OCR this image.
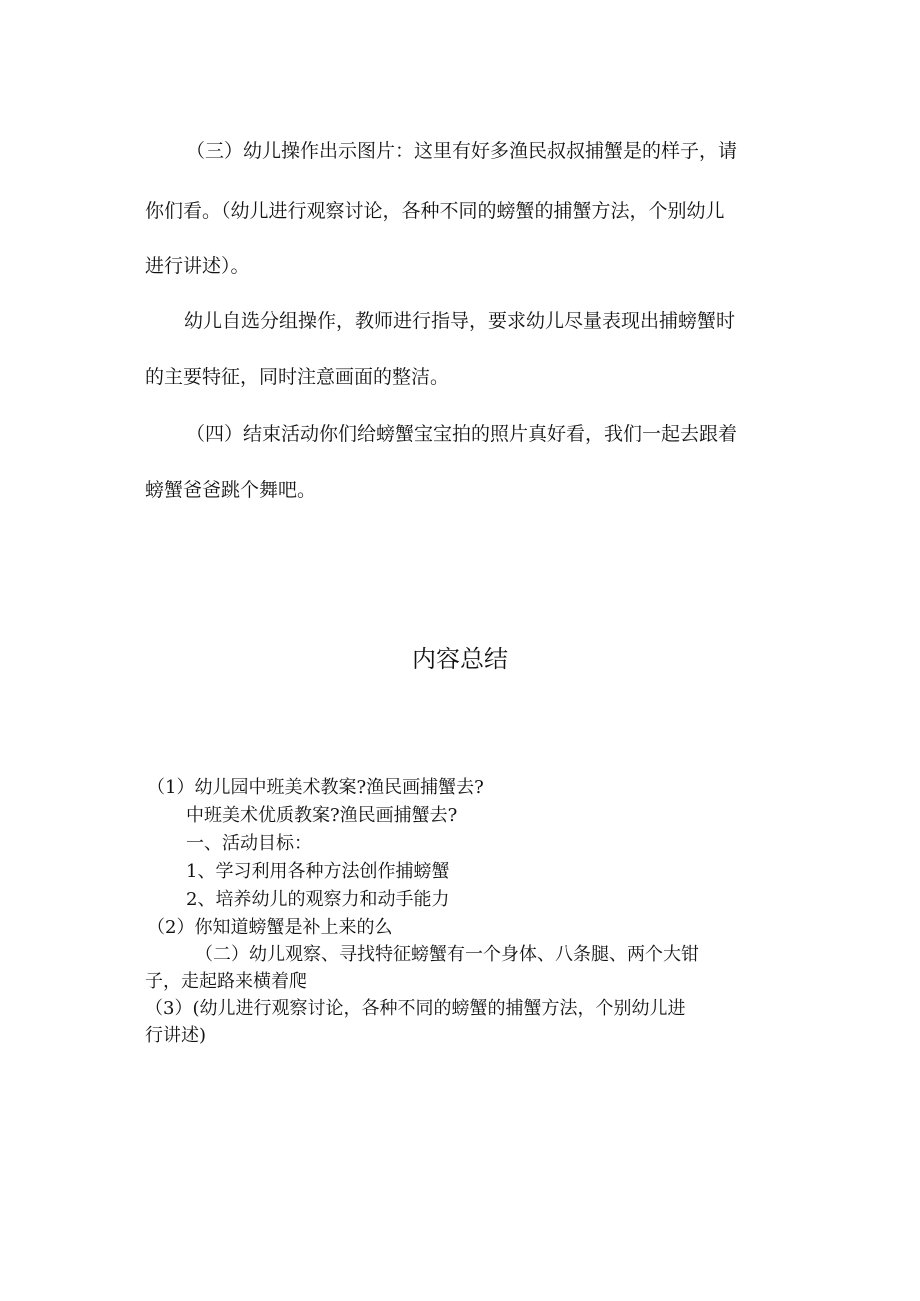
（三）幼儿操作出示图片：这里有好多渔民叔叔捕蟹是的样子，请

你们看。（幼儿进行观察讨论，各种不同的螃蟹的捕蟹方法，个别幼儿

进行讲述）。

幼儿自选分组操作，教师进行指导，要求幼儿尽量表现出捕螃蟹时

的主要特征，同时注意画面的整洁。

（四）结束活动你们给螃蟹宝宝拍的照片真好看，我们一起去跟着

螃蟹爸爸跳个舞吧。

内容总结

（1）幼儿园中班美术教案?渔民画捕蟹去?

中班美术优质教案?渔民画捕蟹去?

一、活动目标：

1、学习利用各种方法创作捕螃蟹

2、培养幼儿的观察力和动手能力

（2）你知道螃蟹是补上来的么

（二）幼儿观察、寻找特征螃蟹有一个身体、八条腿、两个大钳

子，走起路来横着爬

（3）(幼儿进行观察讨论，各种不同的螃蟹的捕蟹方法，个别幼儿进

行讲述)
